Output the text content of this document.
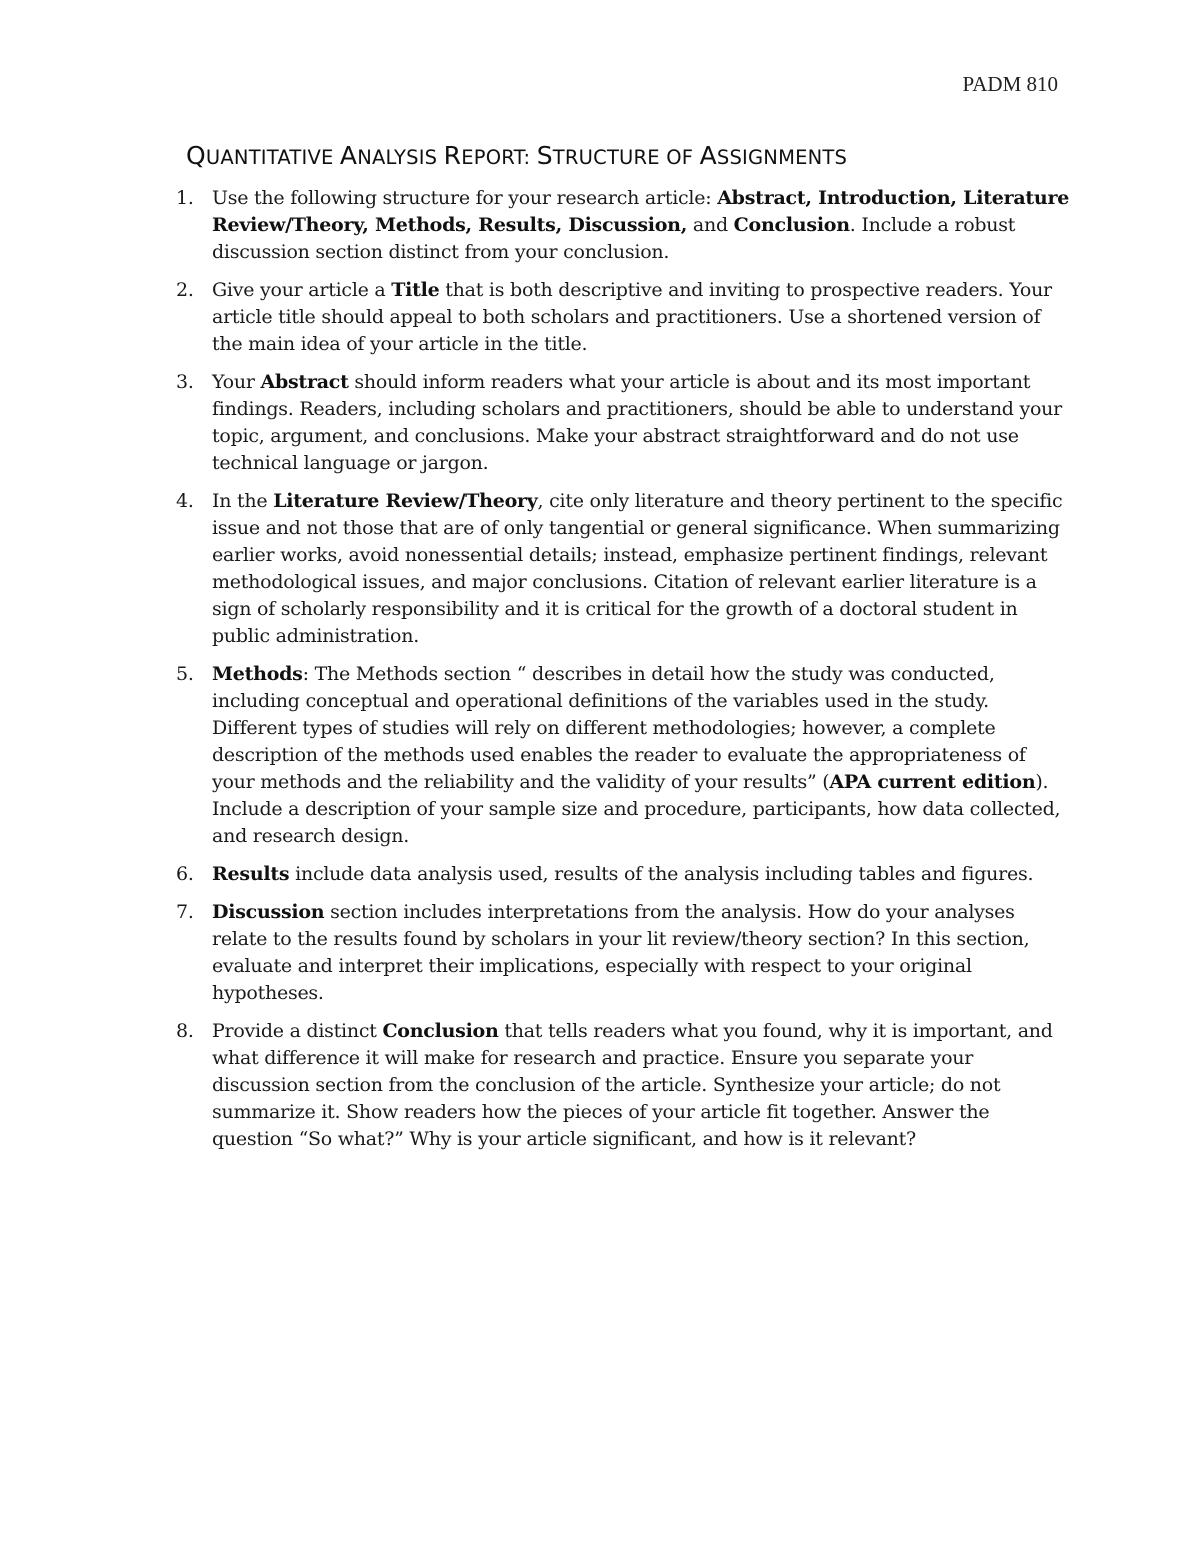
PADM 810
QUANTITATIVE ANALYSIS REPORT: STRUCTURE OF ASSIGNMENTS
1. Use the following structure for your research article: Abstract, Introduction, Literature Review/Theory, Methods, Results, Discussion, and Conclusion. Include a robust discussion section distinct from your conclusion.
2. Give your article a Title that is both descriptive and inviting to prospective readers. Your article title should appeal to both scholars and practitioners. Use a shortened version of the main idea of your article in the title.
3. Your Abstract should inform readers what your article is about and its most important findings. Readers, including scholars and practitioners, should be able to understand your topic, argument, and conclusions. Make your abstract straightforward and do not use technical language or jargon.
4. In the Literature Review/Theory, cite only literature and theory pertinent to the specific issue and not those that are of only tangential or general significance. When summarizing earlier works, avoid nonessential details; instead, emphasize pertinent findings, relevant methodological issues, and major conclusions. Citation of relevant earlier literature is a sign of scholarly responsibility and it is critical for the growth of a doctoral student in public administration.
5. Methods: The Methods section “ describes in detail how the study was conducted, including conceptual and operational definitions of the variables used in the study. Different types of studies will rely on different methodologies; however, a complete description of the methods used enables the reader to evaluate the appropriateness of your methods and the reliability and the validity of your results” (APA current edition). Include a description of your sample size and procedure, participants, how data collected, and research design.
6. Results include data analysis used, results of the analysis including tables and figures.
7. Discussion section includes interpretations from the analysis. How do your analyses relate to the results found by scholars in your lit review/theory section? In this section, evaluate and interpret their implications, especially with respect to your original hypotheses.
8. Provide a distinct Conclusion that tells readers what you found, why it is important, and what difference it will make for research and practice. Ensure you separate your discussion section from the conclusion of the article. Synthesize your article; do not summarize it. Show readers how the pieces of your article fit together. Answer the question “So what?” Why is your article significant, and how is it relevant?
